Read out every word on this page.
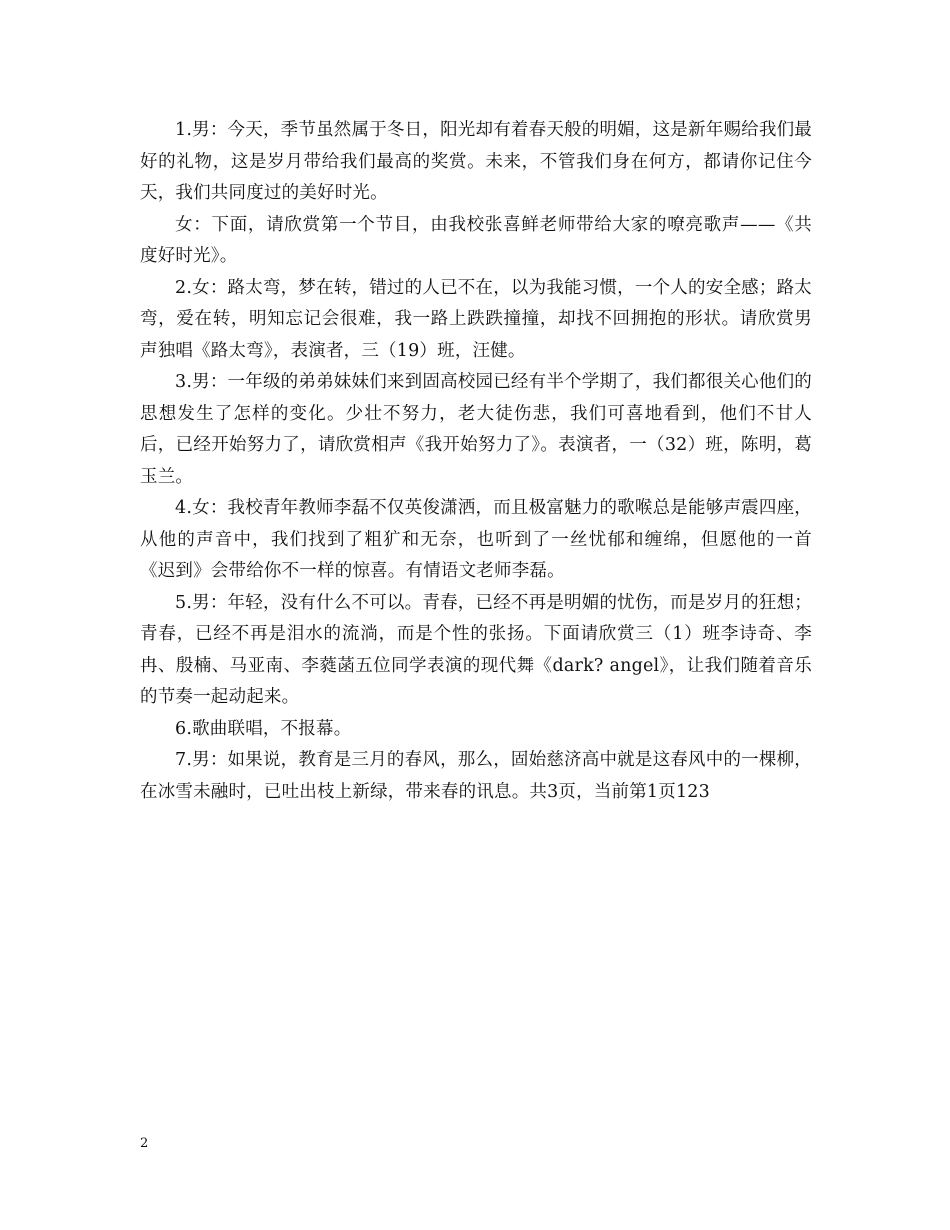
1.男：今天，季节虽然属于冬日，阳光却有着春天般的明媚，这是新年赐给我们最好的礼物，这是岁月带给我们最高的奖赏。未来，不管我们身在何方，都请你记住今天，我们共同度过的美好时光。

女：下面，请欣赏第一个节目，由我校张喜鲜老师带给大家的嘹亮歌声——《共度好时光》。

2.女：路太弯，梦在转，错过的人已不在，以为我能习惯，一个人的安全感；路太弯，爱在转，明知忘记会很难，我一路上跌跌撞撞，却找不回拥抱的形状。请欣赏男声独唱《路太弯》，表演者，三（19）班，汪健。

3.男：一年级的弟弟妹妹们来到固高校园已经有半个学期了，我们都很关心他们的思想发生了怎样的变化。少壮不努力，老大徒伤悲，我们可喜地看到，他们不甘人后，已经开始努力了，请欣赏相声《我开始努力了》。表演者，一（32）班，陈明，葛玉兰。

4.女：我校青年教师李磊不仅英俊潇洒，而且极富魅力的歌喉总是能够声震四座，从他的声音中，我们找到了粗犷和无奈，也听到了一丝忧郁和缠绵，但愿他的一首《迟到》会带给你不一样的惊喜。有情语文老师李磊。

5.男：年轻，没有什么不可以。青春，已经不再是明媚的忧伤，而是岁月的狂想；青春，已经不再是泪水的流淌，而是个性的张扬。下面请欣赏三（1）班李诗奇、李冉、殷楠、马亚南、李蕤菡五位同学表演的现代舞《dark? angel》，让我们随着音乐的节奏一起动起来。

6.歌曲联唱，不报幕。

7.男：如果说，教育是三月的春风，那么，固始慈济高中就是这春风中的一棵柳，在冰雪未融时，已吐出枝上新绿，带来春的讯息。共3页，当前第1页123

2
